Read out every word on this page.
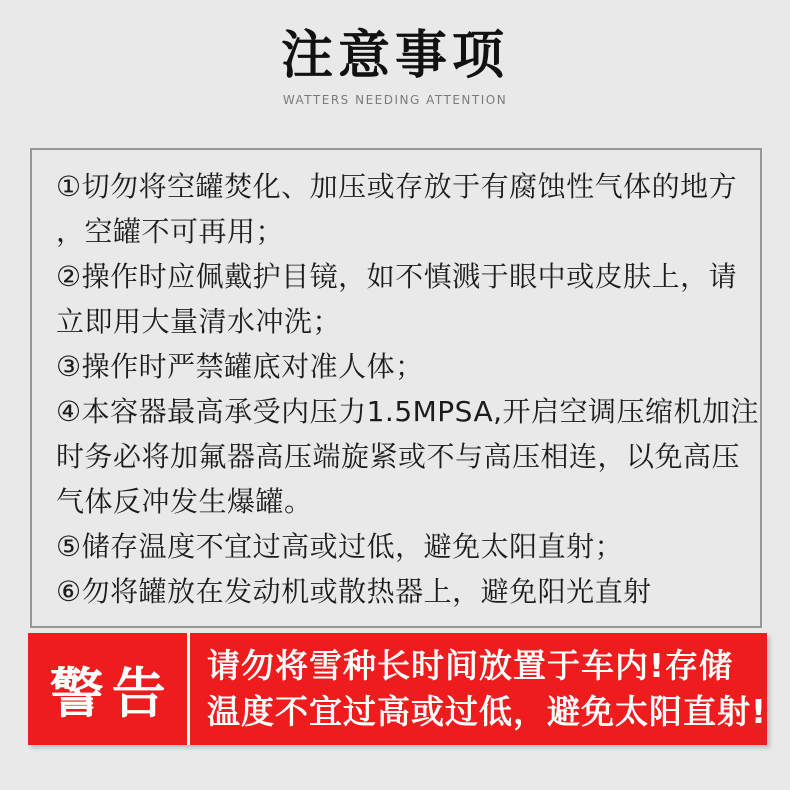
注意事项
WATTERS NEEDING ATTENTION
①切勿将空罐焚化、加压或存放于有腐蚀性气体的地方
，空罐不可再用；
②操作时应佩戴护目镜，如不慎溅于眼中或皮肤上，请
立即用大量清水冲洗；
③操作时严禁罐底对准人体；
④本容器最高承受内压力1.5MPSA,开启空调压缩机加注
时务必将加氟器高压端旋紧或不与高压相连，以免高压
气体反冲发生爆罐。
⑤储存温度不宜过高或过低，避免太阳直射；
⑥勿将罐放在发动机或散热器上，避免阳光直射
警告 请勿将雪种长时间放置于车内!存储
温度不宜过高或过低，避免太阳直射!
